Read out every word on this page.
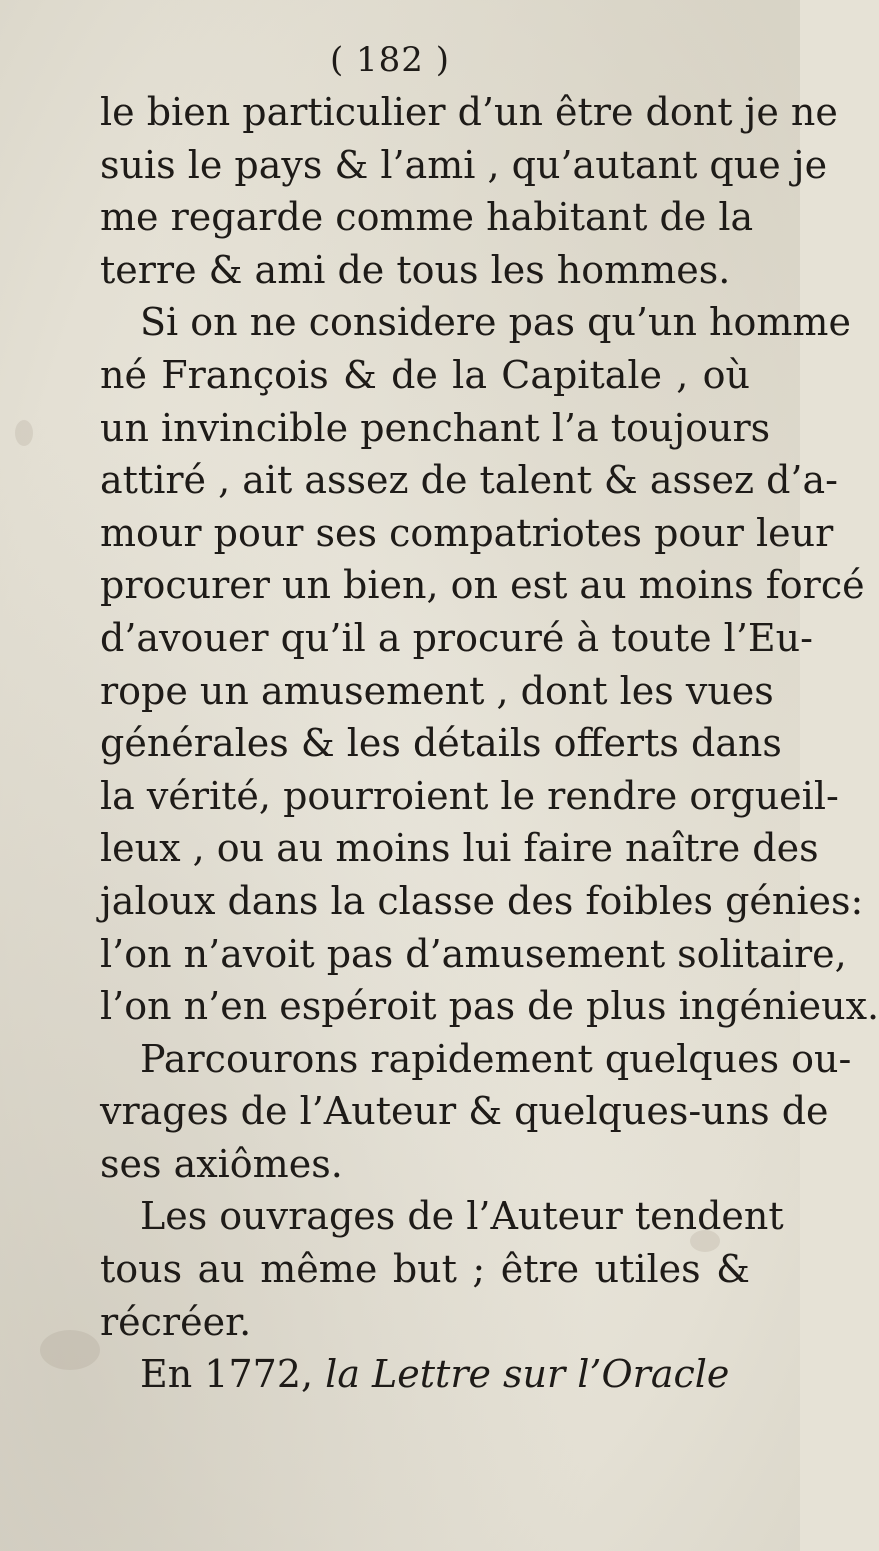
( 182 )
le bien particulier d’un être dont je ne
suis le pays & l’ami , qu’autant que je
me regarde comme habitant de la
terre & ami de tous les hommes.
Si on ne considere pas qu’un homme
né François & de la Capitale , où
un invincible penchant l’a toujours
attiré , ait assez de talent & assez d’a-
mour pour ses compatriotes pour leur
procurer un bien, on est au moins forcé
d’avouer qu’il a procuré à toute l’Eu-
rope un amusement , dont les vues
générales & les détails offerts dans
la vérité, pourroient le rendre orgueil-
leux , ou au moins lui faire naître des
jaloux dans la classe des foibles génies:
l’on n’avoit pas d’amusement solitaire,
l’on n’en espéroit pas de plus ingénieux.
Parcourons rapidement quelques ou-
vrages de l’Auteur & quelques-uns de
ses axiômes.
Les ouvrages de l’Auteur tendent
tous au même but ; être utiles &
récréer.
En 1772, la Lettre sur l’Oracle
